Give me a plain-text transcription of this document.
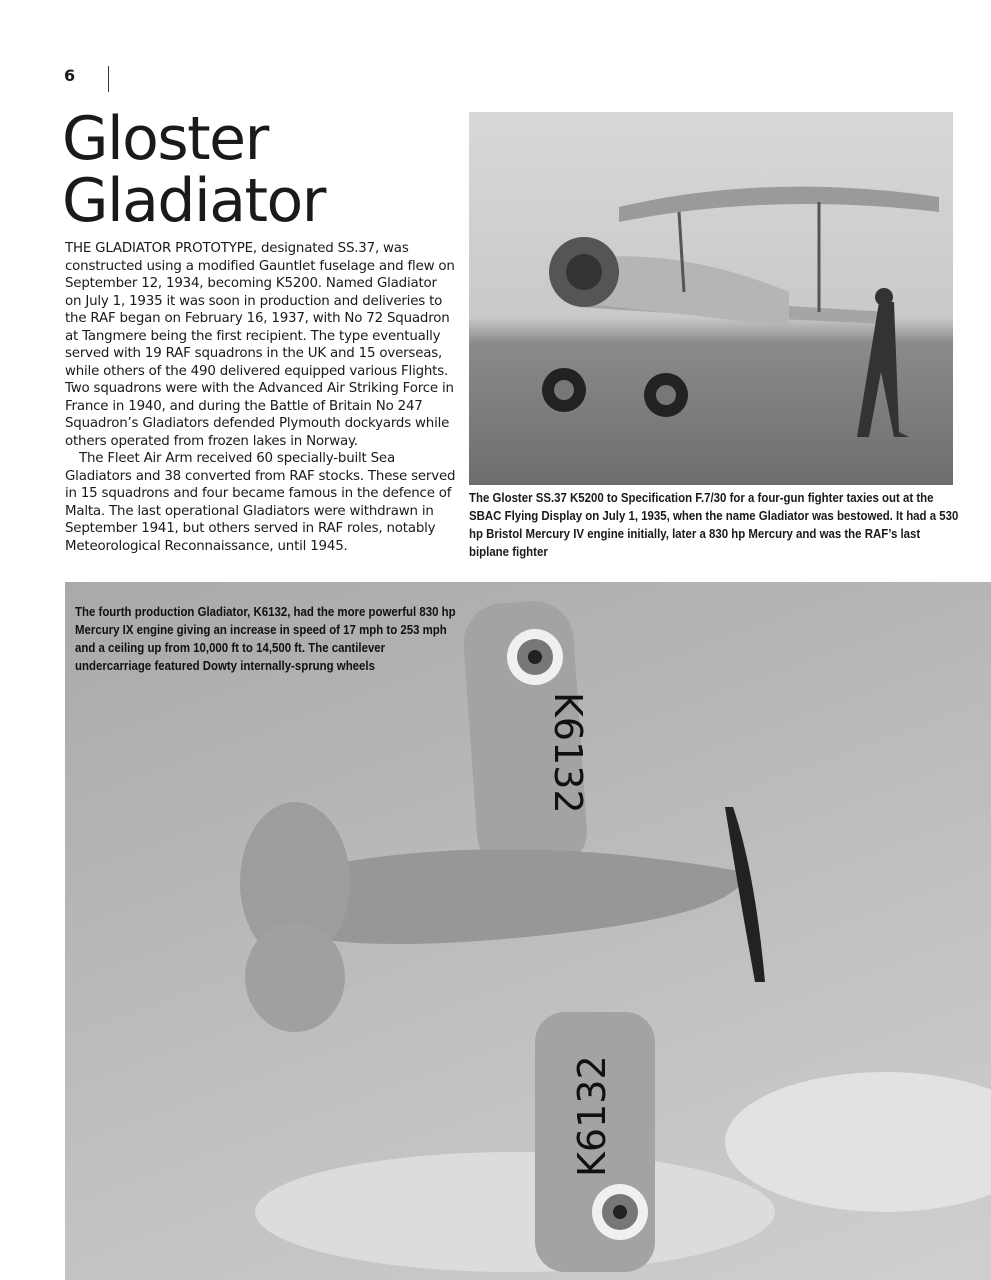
6
Gloster
Gladiator

THE GLADIATOR PROTOTYPE, designated SS.37, was constructed using a modified Gauntlet fuselage and flew on September 12, 1934, becoming K5200. Named Gladiator on July 1, 1935 it was soon in production and deliveries to the RAF began on February 16, 1937, with No 72 Squadron at Tangmere being the first recipient. The type eventually served with 19 RAF squadrons in the UK and 15 overseas, while others of the 490 delivered equipped various Flights. Two squadrons were with the Advanced Air Striking Force in France in 1940, and during the Battle of Britain No 247 Squadron’s Gladiators defended Plymouth dockyards while others operated from frozen lakes in Norway.

The Fleet Air Arm received 60 specially-built Sea Gladiators and 38 converted from RAF stocks. These served in 15 squadrons and four became famous in the defence of Malta. The last operational Gladiators were withdrawn in September 1941, but others served in RAF roles, notably Meteorological Reconnaissance, until 1945.

The Gloster SS.37 K5200 to Specification F.7/30 for a four-gun fighter taxies out at the SBAC Flying Display on July 1, 1935, when the name Gladiator was bestowed. It had a 530 hp Bristol Mercury IV engine initially, later a 830 hp Mercury and was the RAF’s last biplane fighter
K6132
K6132
The fourth production Gladiator, K6132, had the more powerful 830 hp Mercury IX engine giving an increase in speed of 17 mph to 253 mph and a ceiling up from 10,000 ft to 14,500 ft. The cantilever undercarriage featured Dowty internally-sprung wheels
